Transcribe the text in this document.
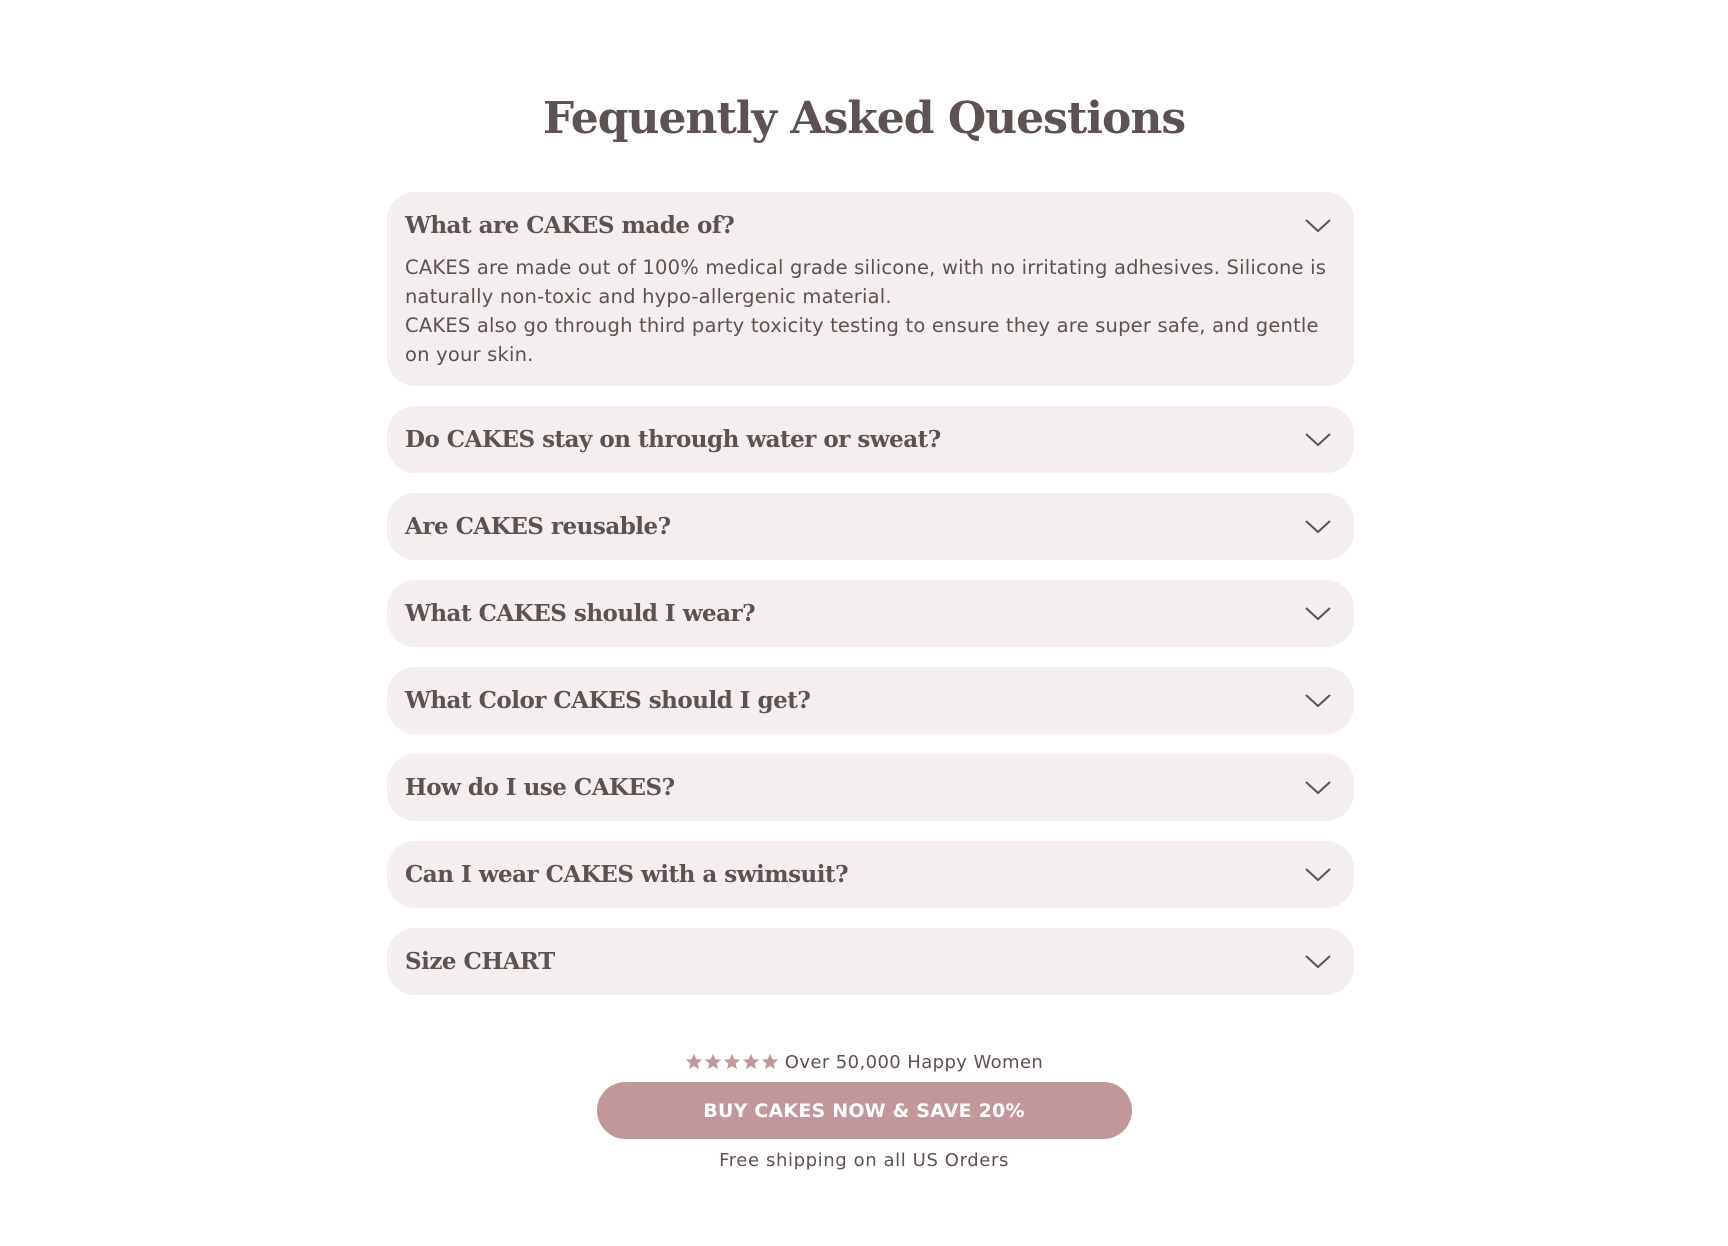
Fequently Asked Questions
What are CAKES made of?

CAKES are made out of 100% medical grade silicone, with no irritating adhesives. Silicone is naturally non-toxic and hypo-allergenic material.

CAKES also go through third party toxicity testing to ensure they are super safe, and gentle on your skin.

Do CAKES stay on through water or sweat?
Are CAKES reusable?
What CAKES should I wear?
What Color CAKES should I get?
How do I use CAKES?
Can I wear CAKES with a swimsuit?
Size CHART
Over 50,000 Happy Women
BUY CAKES NOW & SAVE 20%
Free shipping on all US Orders
